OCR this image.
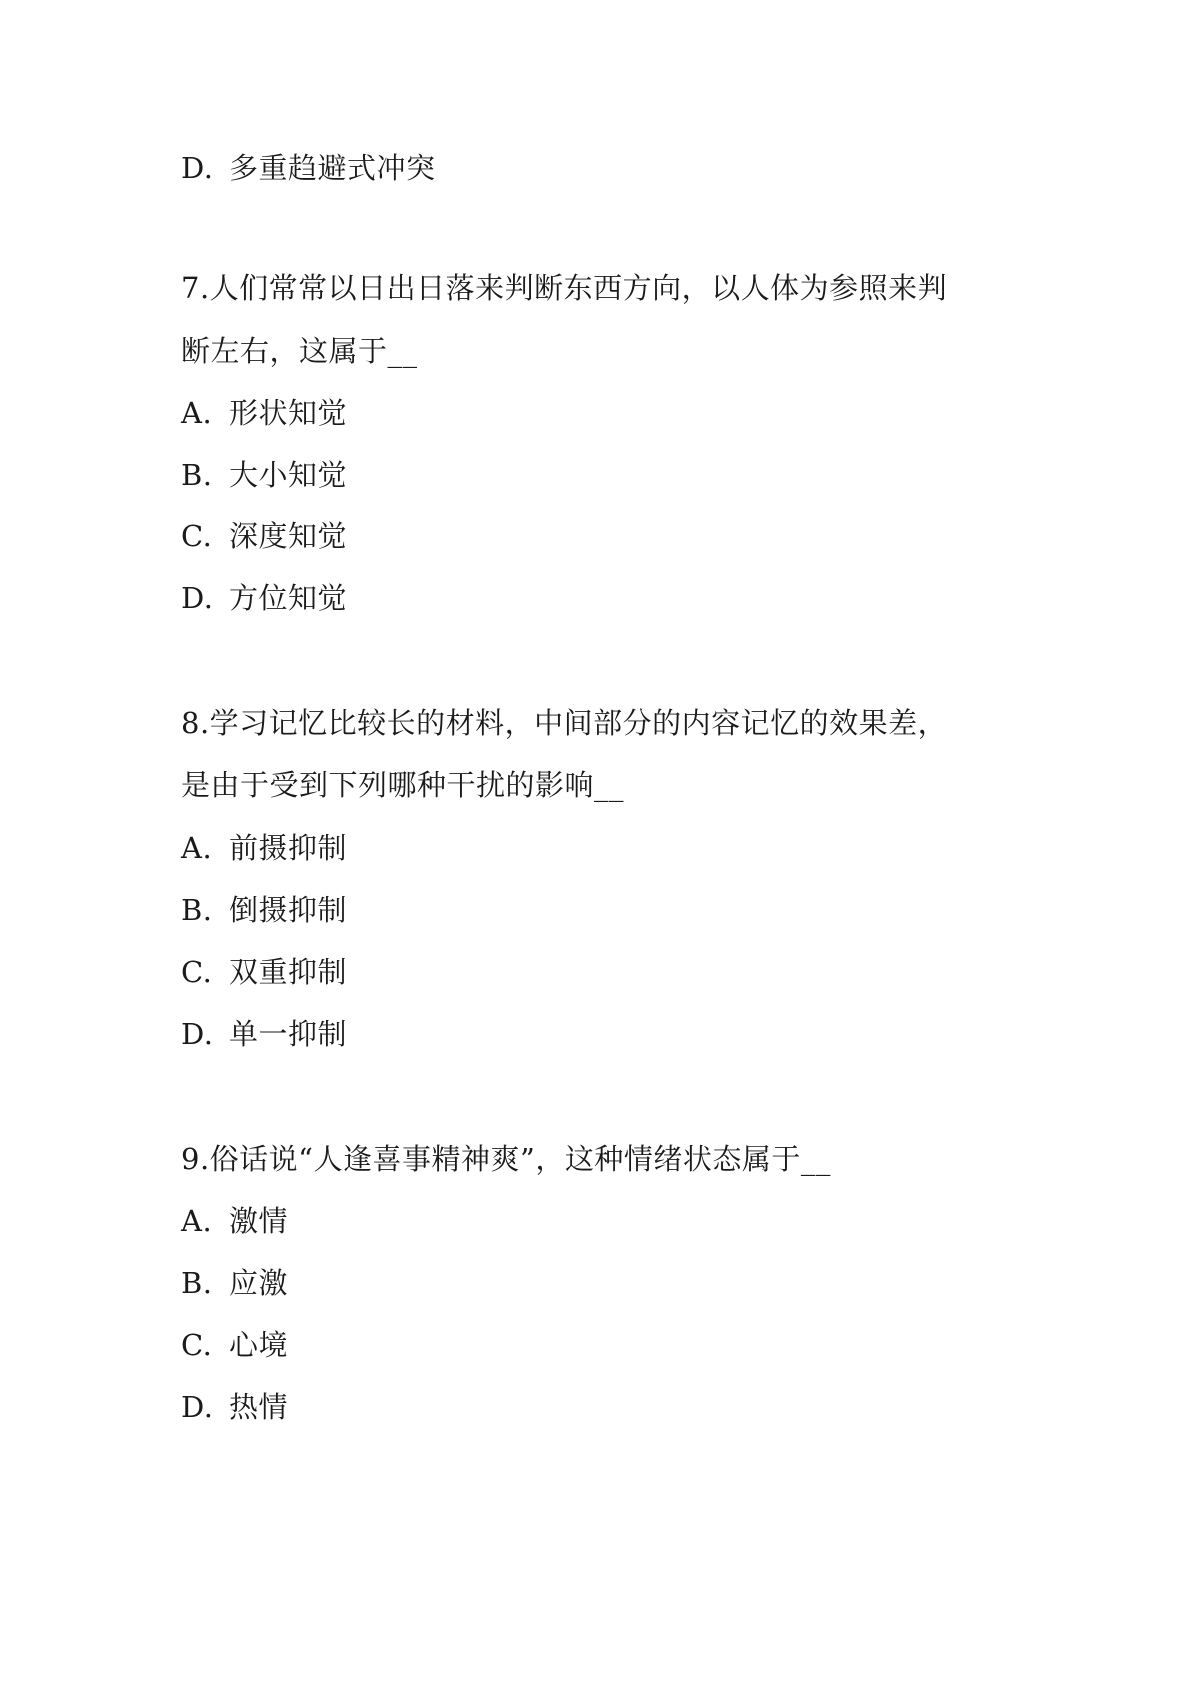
D. 多重趋避式冲突
7.人们常常以日出日落来判断东西方向，以人体为参照来判
断左右，这属于__
A. 形状知觉
B. 大小知觉
C. 深度知觉
D. 方位知觉
8.学习记忆比较长的材料，中间部分的内容记忆的效果差，
是由于受到下列哪种干扰的影响__
A. 前摄抑制
B. 倒摄抑制
C. 双重抑制
D. 单一抑制
9.俗话说“人逢喜事精神爽”，这种情绪状态属于__
A. 激情
B. 应激
C. 心境
D. 热情
